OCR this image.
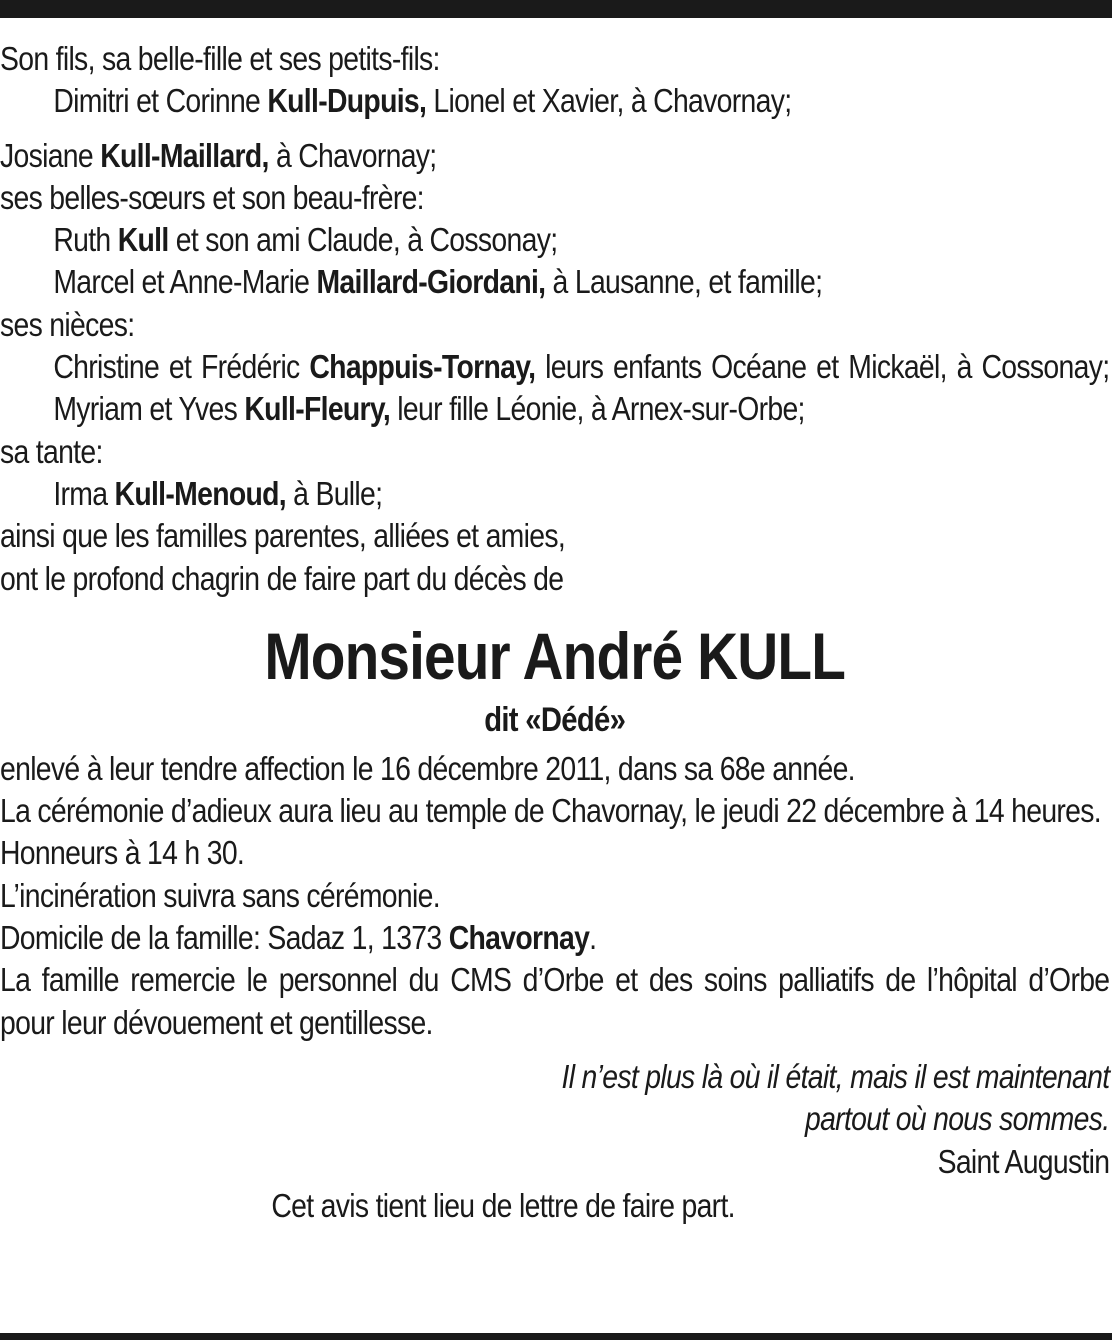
Son fils, sa belle-fille et ses petits-fils:
Dimitri et Corinne Kull-Dupuis, Lionel et Xavier, à Chavornay;
Josiane Kull-Maillard, à Chavornay;
ses belles-sœurs et son beau-frère:
Ruth Kull et son ami Claude, à Cossonay;
Marcel et Anne-Marie Maillard-Giordani, à Lausanne, et famille;
ses nièces:
Christine et Frédéric Chappuis-Tornay, leurs enfants Océane et Mickaël, à Cossonay;
Myriam et Yves Kull-Fleury, leur fille Léonie, à Arnex-sur-Orbe;
sa tante:
Irma Kull-Menoud, à Bulle;
ainsi que les familles parentes, alliées et amies,
ont le profond chagrin de faire part du décès de
Monsieur André KULL
dit «Dédé»
enlevé à leur tendre affection le 16 décembre 2011, dans sa 68e année.
La cérémonie d’adieux aura lieu au temple de Chavornay, le jeudi 22 décembre à 14 heures.
Honneurs à 14 h 30.
L’incinération suivra sans cérémonie.
Domicile de la famille: Sadaz 1, 1373 Chavornay.
La famille remercie le personnel du CMS d’Orbe et des soins palliatifs de l’hôpital d’Orbe pour leur dévouement et gentillesse.
Il n’est plus là où il était, mais il est maintenant
partout où nous sommes.
Saint Augustin
Cet avis tient lieu de lettre de faire part.
